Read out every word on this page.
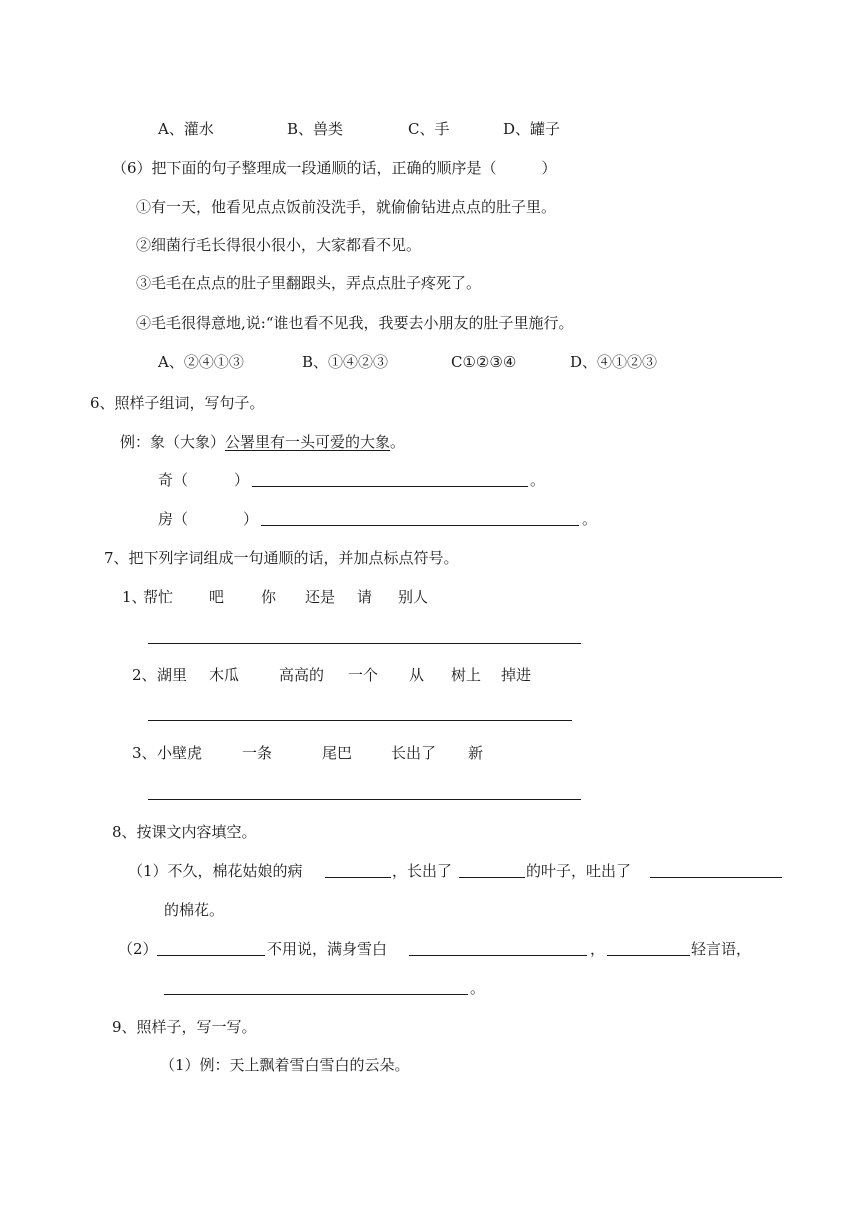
A、灌水	B、兽类	C、手	D、罐子
（6）把下面的句子整理成一段通顺的话，正确的顺序是（　　　）
①有一天，他看见点点饭前没洗手，就偷偷钻进点点的肚子里。
②细菌行毛长得很小很小，大家都看不见。
③毛毛在点点的肚子里翻跟头，弄点点肚子疼死了。
④毛毛很得意地,说:“谁也看不见我，我要去小朋友的肚子里施行。
A、②④①③	B、①④②③	C①②③④	D、④①②③
6、照样子组词，写句子。
例：象（大象）公署里有一头可爱的大象。
奇（	）	。
房（	）	。
7、把下列字词组成一句通顺的话，并加点标点符号。
1、
帮忙 吧 你 还是 请 别人
2、 湖里 木瓜	高高的 一个 从 树上 掉进
3、 小壁虎	一条	尾巴	长出了 新
8、按课文内容填空。
（1）不久，棉花姑娘的病	，长出了	的叶子，吐出了
的棉花。
（2）	不用说，满身雪白	，	轻言语，
。
9、照样子，写一写。
（1）例：天上飘着雪白雪白的云朵。
